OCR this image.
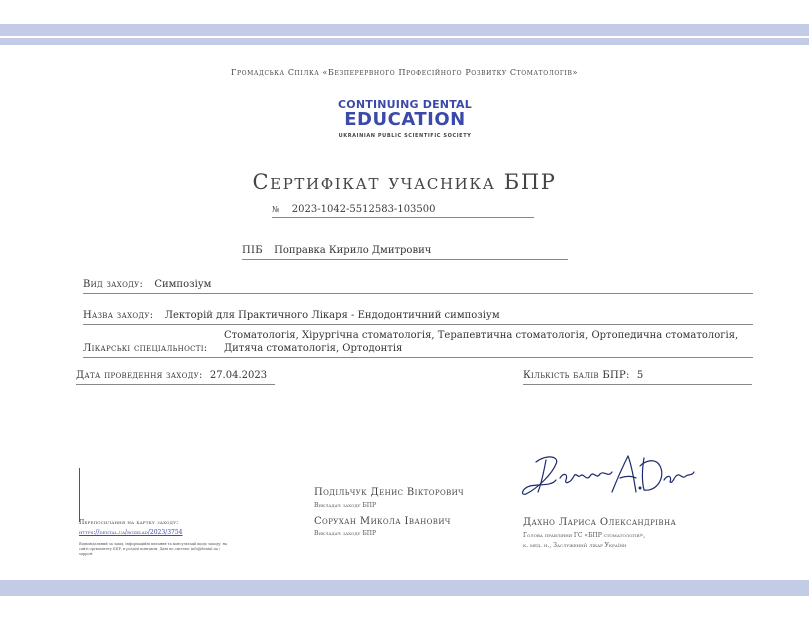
Громадська Спілка «Безперервного Професійного Розвитку Стоматологів»
CONTINUING DENTAL
EDUCATION
UKRAINIAN PUBLIC SCIENTIFIC SOCIETY
Сертифікат учасника БПР
№ 2023-1042-5512583-103500
ПІБ Поправка Кирило Дмитрович
Вид заходу: Симпозіум
Назва заходу: Лекторій для Практичного Лікаря - Ендодонтичний симпозіум
Лікарські спеціальності:
Стоматологія, Хірургічна стоматологія, Терапевтична стоматологія, Ортопедична стоматологія, Дитяча стоматологія, Ортодонтія
Дата проведення заходу: 27.04.2023	Кількість балів БПР: 5
Перепосилання на картку заходу:
https://dental.ua/rozklad/2023/3754
Відповідальний за захід, інформаційні питання та консультації щодо заходу: на сайті оргкомітету БПР, в розділі контакти. Дані по системі: info@dental.ua / support
Подільчук Денис Вікторович
Викладач заходу БПР
Сорухан Микола Іванович
Викладач заходу БПР
Дахно Лариса Олександрівна
Голова правління ГС «БПР стоматологів»,
к. мед. н., Заслужений лікар України
